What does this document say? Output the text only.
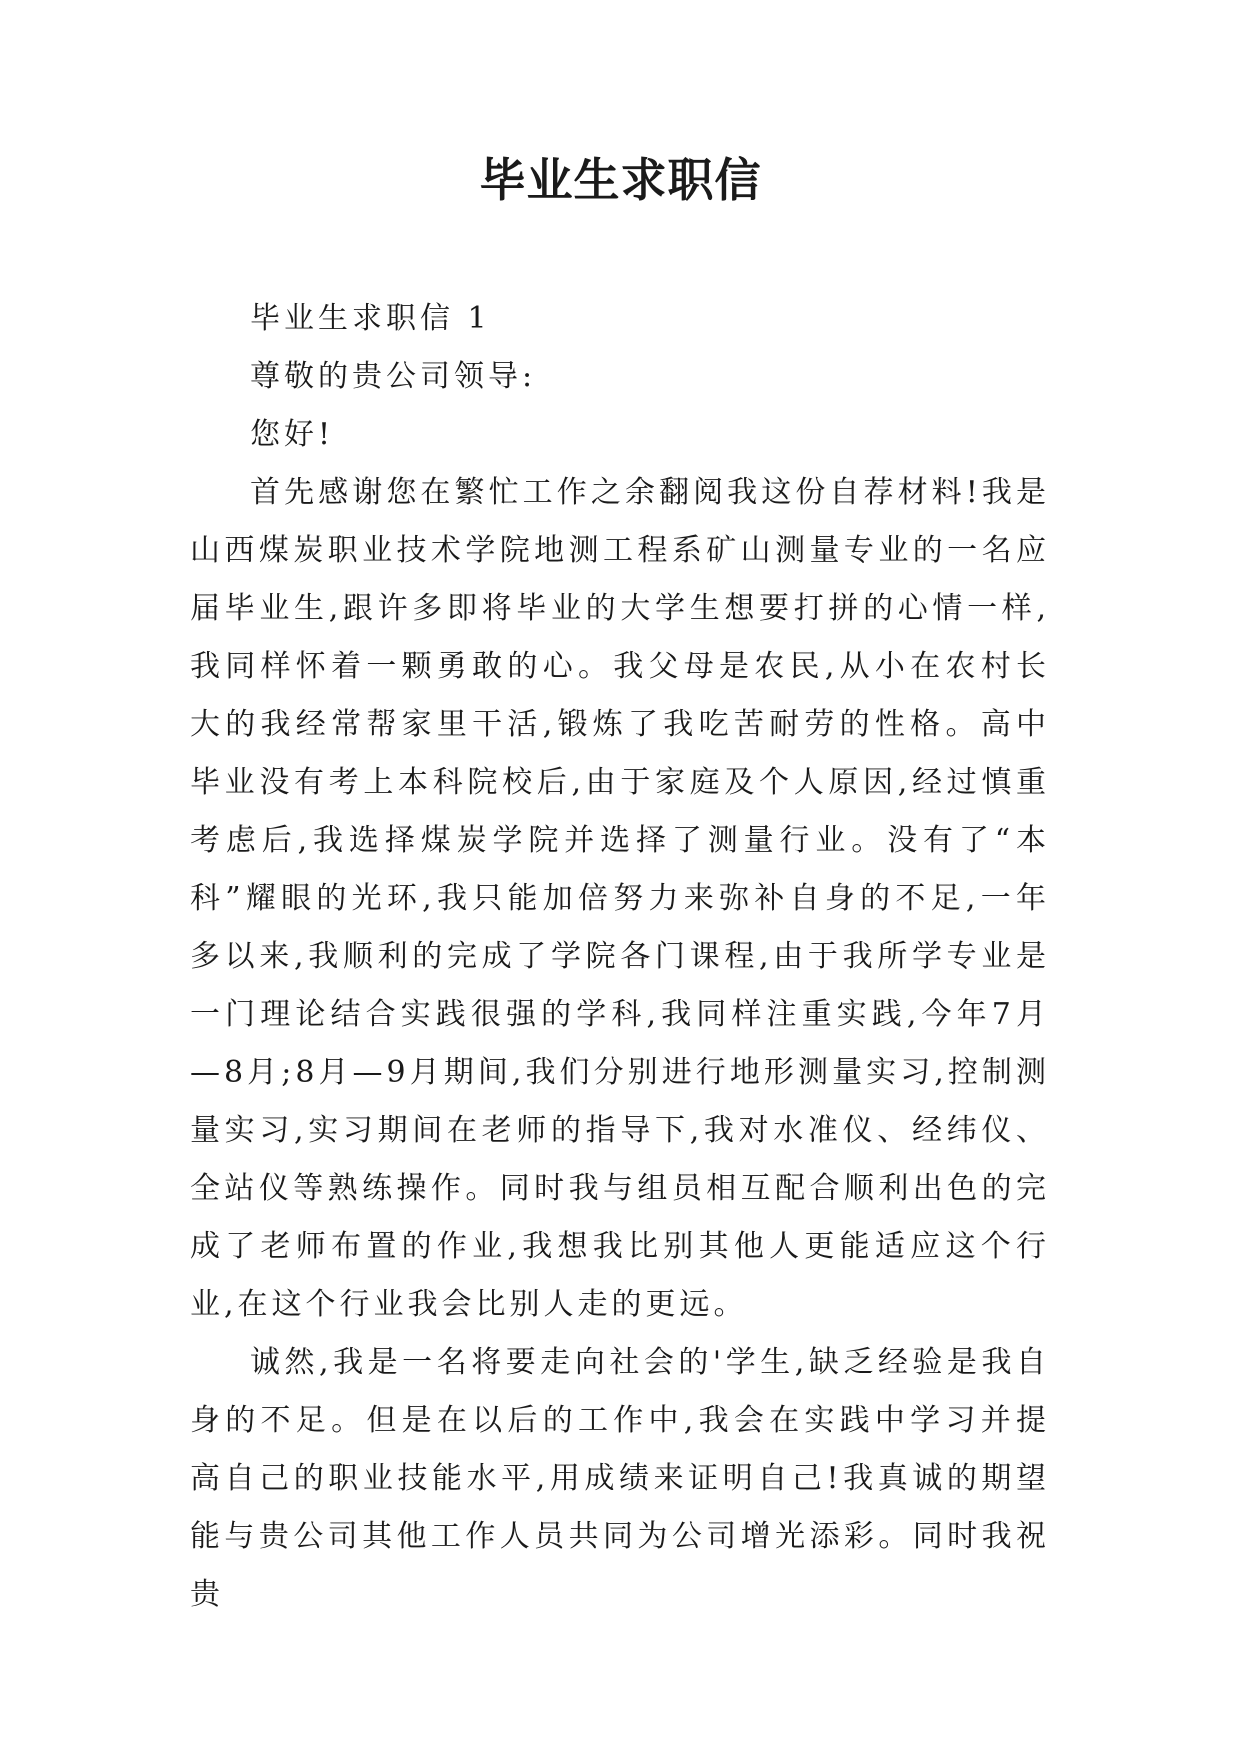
毕业生求职信

毕业生求职信 1

尊敬的贵公司领导:

您好!

首先感谢您在繁忙工作之余翻阅我这份自荐材料!我是山西煤炭职业技术学院地测工程系矿山测量专业的一名应届毕业生,跟许多即将毕业的大学生想要打拼的心情一样,我同样怀着一颗勇敢的心。我父母是农民,从小在农村长大的我经常帮家里干活,锻炼了我吃苦耐劳的性格。高中毕业没有考上本科院校后,由于家庭及个人原因,经过慎重考虑后,我选择煤炭学院并选择了测量行业。没有了“本科”耀眼的光环,我只能加倍努力来弥补自身的不足,一年多以来,我顺利的完成了学院各门课程,由于我所学专业是一门理论结合实践很强的学科,我同样注重实践,今年7月—8月;8月—9月期间,我们分别进行地形测量实习,控制测量实习,实习期间在老师的指导下,我对水准仪、经纬仪、全站仪等熟练操作。同时我与组员相互配合顺利出色的完成了老师布置的作业,我想我比别其他人更能适应这个行业,在这个行业我会比别人走的更远。

诚然,我是一名将要走向社会的'学生,缺乏经验是我自身的不足。但是在以后的工作中,我会在实践中学习并提高自己的职业技能水平,用成绩来证明自己!我真诚的期望能与贵公司其他工作人员共同为公司增光添彩。同时我祝贵
